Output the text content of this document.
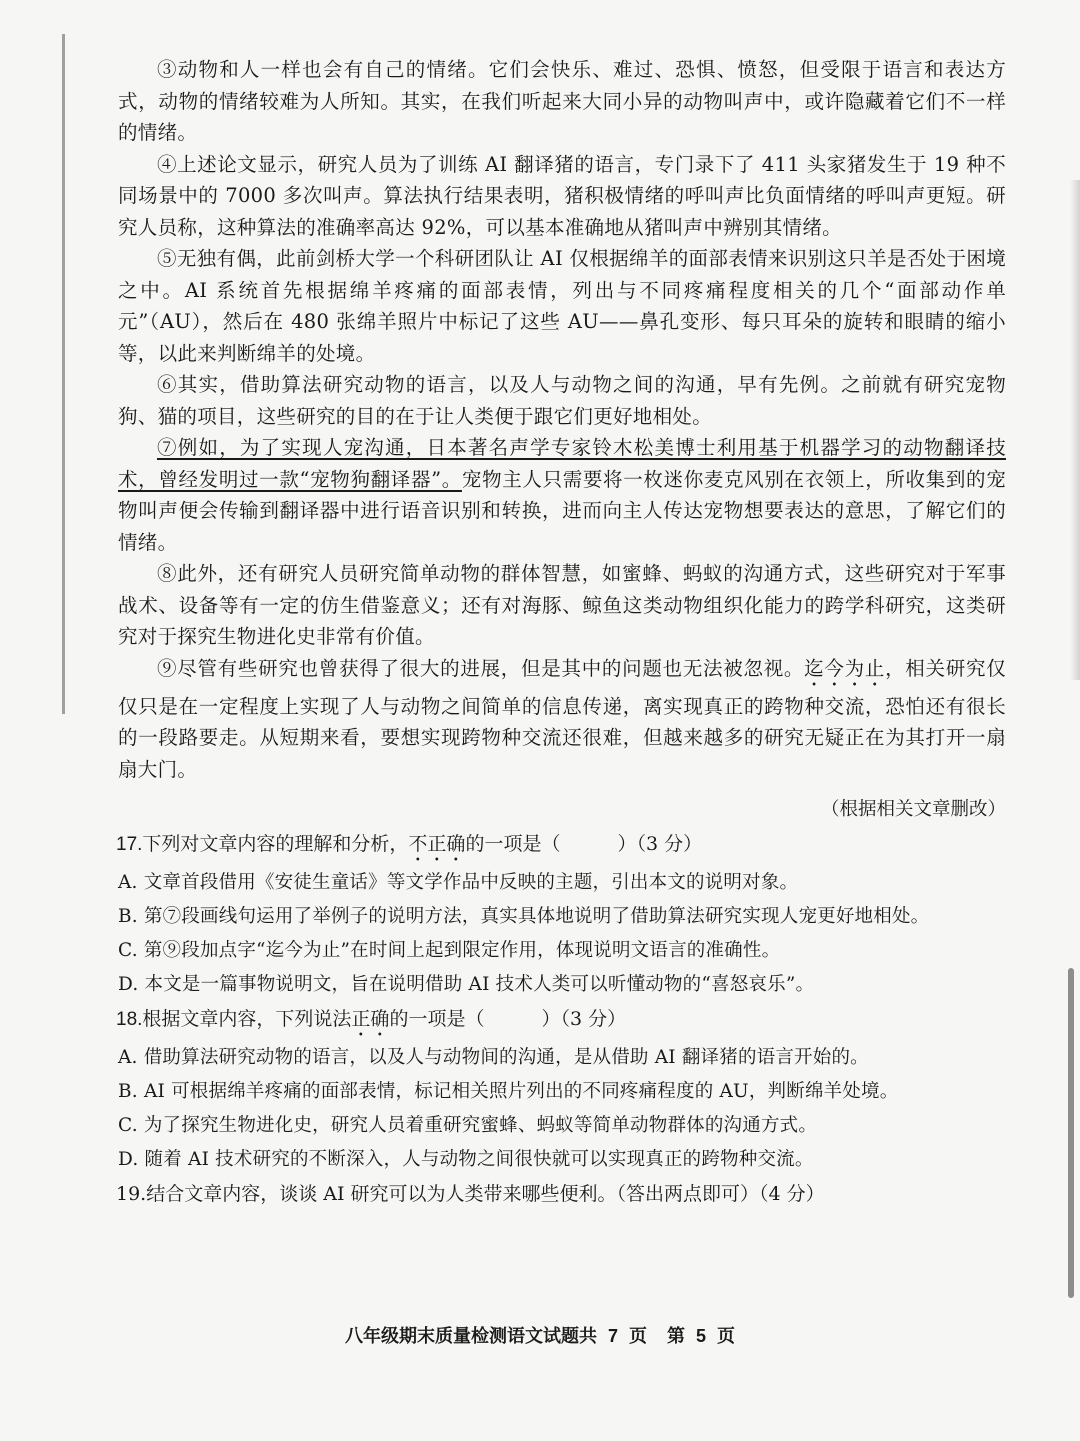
③动物和人一样也会有自己的情绪。它们会快乐、难过、恐惧、愤怒，但受限于语言和表达方式，动物的情绪较难为人所知。其实，在我们听起来大同小异的动物叫声中，或许隐藏着它们不一样的情绪。

④上述论文显示，研究人员为了训练 AI 翻译猪的语言，专门录下了 411 头家猪发生于 19 种不同场景中的 7000 多次叫声。算法执行结果表明，猪积极情绪的呼叫声比负面情绪的呼叫声更短。研究人员称，这种算法的准确率高达 92%，可以基本准确地从猪叫声中辨别其情绪。

⑤无独有偶，此前剑桥大学一个科研团队让 AI 仅根据绵羊的面部表情来识别这只羊是否处于困境之中。AI 系统首先根据绵羊疼痛的面部表情，列出与不同疼痛程度相关的几个“面部动作单元”（AU），然后在 480 张绵羊照片中标记了这些 AU——鼻孔变形、每只耳朵的旋转和眼睛的缩小等，以此来判断绵羊的处境。

⑥其实，借助算法研究动物的语言，以及人与动物之间的沟通，早有先例。之前就有研究宠物狗、猫的项目，这些研究的目的在于让人类便于跟它们更好地相处。

⑦例如，为了实现人宠沟通，日本著名声学专家铃木松美博士利用基于机器学习的动物翻译技术，曾经发明过一款“宠物狗翻译器”。宠物主人只需要将一枚迷你麦克风别在衣领上，所收集到的宠物叫声便会传输到翻译器中进行语音识别和转换，进而向主人传达宠物想要表达的意思，了解它们的情绪。

⑧此外，还有研究人员研究简单动物的群体智慧，如蜜蜂、蚂蚁的沟通方式，这些研究对于军事战术、设备等有一定的仿生借鉴意义；还有对海豚、鲸鱼这类动物组织化能力的跨学科研究，这类研究对于探究生物进化史非常有价值。

⑨尽管有些研究也曾获得了很大的进展，但是其中的问题也无法被忽视。迄今为止，相关研究仅仅只是在一定程度上实现了人与动物之间简单的信息传递，离实现真正的跨物种交流，恐怕还有很长的一段路要走。从短期来看，要想实现跨物种交流还很难，但越来越多的研究无疑正在为其打开一扇扇大门。

（根据相关文章删改）

17.下列对文章内容的理解和分析，不正确的一项是（　　　）（3 分）

A. 文章首段借用《安徒生童话》等文学作品中反映的主题，引出本文的说明对象。

B. 第⑦段画线句运用了举例子的说明方法，真实具体地说明了借助算法研究实现人宠更好地相处。

C. 第⑨段加点字“迄今为止”在时间上起到限定作用，体现说明文语言的准确性。

D. 本文是一篇事物说明文，旨在说明借助 AI 技术人类可以听懂动物的“喜怒哀乐”。

18.根据文章内容，下列说法正确的一项是（　　　）（3 分）

A. 借助算法研究动物的语言，以及人与动物间的沟通，是从借助 AI 翻译猪的语言开始的。

B. AI 可根据绵羊疼痛的面部表情，标记相关照片列出的不同疼痛程度的 AU，判断绵羊处境。

C. 为了探究生物进化史，研究人员着重研究蜜蜂、蚂蚁等简单动物群体的沟通方式。

D. 随着 AI 技术研究的不断深入，人与动物之间很快就可以实现真正的跨物种交流。

19.结合文章内容，谈谈 AI 研究可以为人类带来哪些便利。（答出两点即可）（4 分）

八年级期末质量检测语文试题共 7 页 第 5 页
